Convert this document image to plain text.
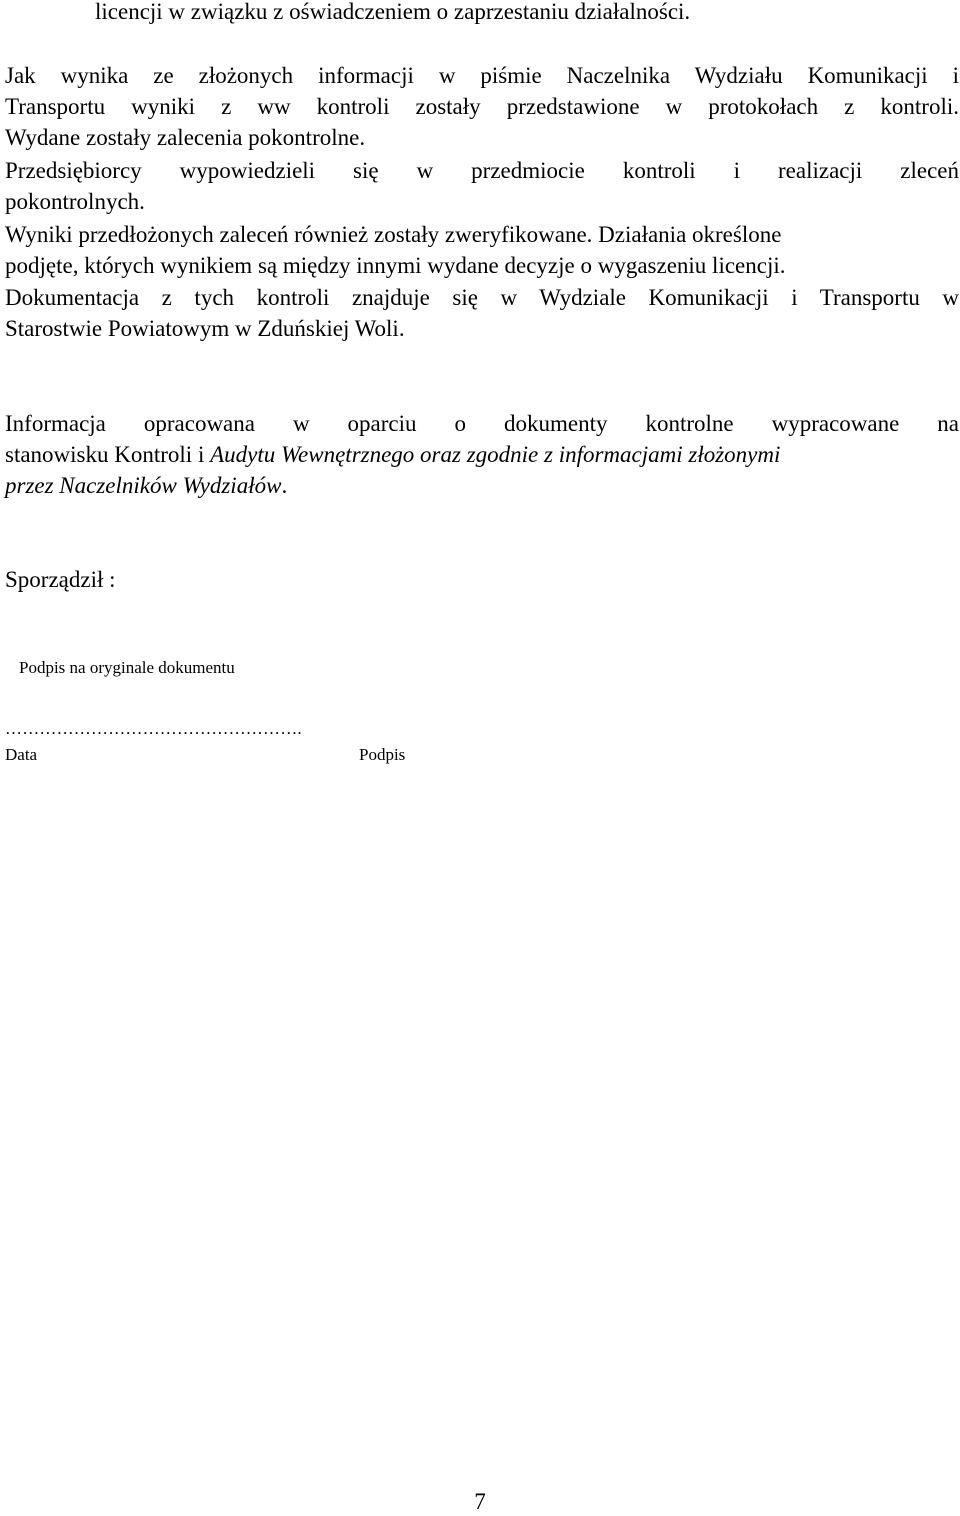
licencji w związku z oświadczeniem o zaprzestaniu działalności.
Jak wynika ze złożonych informacji w piśmie Naczelnika Wydziału Komunikacji i
Transportu wyniki z ww kontroli zostały przedstawione w protokołach z kontroli.
Wydane zostały zalecenia pokontrolne.
Przedsiębiorcy wypowiedzieli się w przedmiocie kontroli i realizacji zleceń
pokontrolnych.
Wyniki przedłożonych zaleceń również zostały zweryfikowane. Działania określone
podjęte, których wynikiem są między innymi wydane decyzje o wygaszeniu licencji.
Dokumentacja z tych kontroli znajduje się w Wydziale Komunikacji i Transportu w
Starostwie Powiatowym w Zduńskiej Woli.
Informacja opracowana w oparciu o dokumenty kontrolne wypracowane na
stanowisku Kontroli i Audytu Wewnętrznego oraz zgodnie z informacjami złożonymi
przez Naczelników Wydziałów.
Sporządził :
Podpis na oryginale dokumentu
…………………………………………….
Data	Podpis
7
